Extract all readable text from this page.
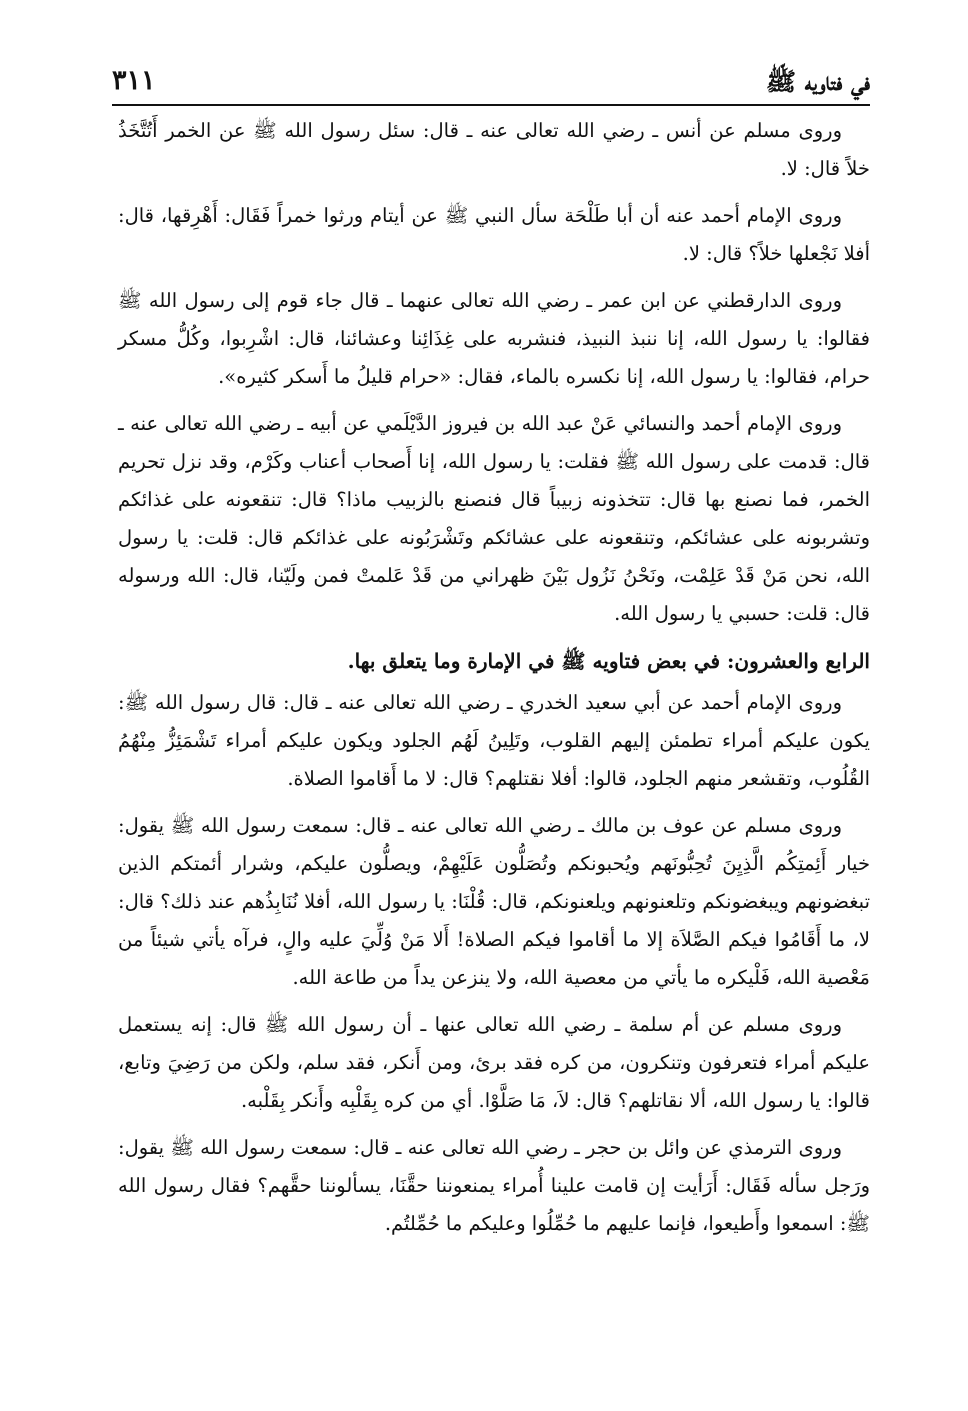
٣١١	في فتاويه ﷺ

وروى مسلم عن أنس ـ رضي الله تعالى عنه ـ قال: سئل رسول الله ﷺ عن الخمر أَتُتَّخَذُ خلاً قال: لا.

وروى الإمام أحمد عنه أن أبا طَلْحَة سأل النبي ﷺ عن أيتام ورثوا خمراً فَقَال: أَهْرِقها، قال: أفلا نَجْعلها خلاً؟ قال: لا.

وروى الدارقطني عن ابن عمر ـ رضي الله تعالى عنهما ـ قال جاء قوم إلى رسول الله ﷺ فقالوا: يا رسول الله، إنا ننبذ النبيذ، فنشربه على غِذَائِنا وعشائنا، قال: اشْرِبوا، وكُلُّ مسكر حرام، فقالوا: يا رسول الله، إنا نكسره بالماء، فقال: «حرام قليلُ ما أَسكر كثيره».

وروى الإمام أحمد والنسائي عَنْ عبد الله بن فيروز الدَّيْلَمي عن أبيه ـ رضي الله تعالى عنه ـ قال: قدمت على رسول الله ﷺ فقلت: يا رسول الله، إنا أَصحاب أعناب وكَرْم، وقد نزل تحريم الخمر، فما نصنع بها قال: تتخذونه زبيباً قال فنصنع بالزبيب ماذا؟ قال: تنقعونه على غذائكم وتشربونه على عشائكم، وتنقعونه على عشائكم وتَشْرَبُونه على غذائكم قال: قلت: يا رسول الله، نحن مَنْ قَدْ عَلِمْت، ونَحْنُ نَزُول بَيْنَ ظهراني من قَدْ عَلمتْ فمن ولَيّنا، قال: الله ورسوله قال: قلت: حسبي يا رسول الله.

الرابع والعشرون: في بعض فتاويه ﷺ في الإمارة وما يتعلق بها.

وروى الإمام أحمد عن أبي سعيد الخدري ـ رضي الله تعالى عنه ـ قال: قال رسول الله ﷺ: يكون عليكم أمراء تطمئن إليهم القلوب، وتَلِينُ لَهُم الجلود ويكون عليكم أمراء تَشْمَئِزُّ مِنْهُمُ القُلُوب، وتقشعر منهم الجلود، قالوا: أفلا نقتلهم؟ قال: لا ما أَقاموا الصلاة.

وروى مسلم عن عوف بن مالك ـ رضي الله تعالى عنه ـ قال: سمعت رسول الله ﷺ يقول: خيار أَئِمتِكُم الَّذِيِنَ تُحِبُّونَهم ويُحبونكم وتُصَلُّون عَلَيْهِمْ، ويصلُّون عليكم، وشرار أئمتكم الذين تبغضونهم ويبغضونكم وتلعنونهم ويلعنونكم، قال: قُلْنَا: يا رسول الله، أفلا نُنَابِذُهم عند ذلك؟ قال: لا، ما أَقَامُوا فيكم الصَّلاَة إلا ما أقاموا فيكم الصلاة! أَلا مَنْ وُلِّيَ عليه والٍ، فرآه يأتي شيئاً من مَعْصية الله، فَلْيكره ما يأتي من معصية الله، ولا ينزعن يداً من طاعة الله.

وروى مسلم عن أم سلمة ـ رضي الله تعالى عنها ـ أن رسول الله ﷺ قال: إنه يستعمل عليكم أمراء فتعرفون وتنكرون، من كره فقد برئ، ومن أَنكر، فقد سلم، ولكن من رَضِيَ وتابع، قالوا: يا رسول الله، ألا نقاتلهم؟ قال: لاَ، مَا صَلَّوْا. أي من كره بِقَلْبِه وأَنكر بِقَلْبه.

وروى الترمذي عن وائل بن حجر ـ رضي الله تعالى عنه ـ قال: سمعت رسول الله ﷺ يقول: ورَجل سأله فَقَال: أَرَأيت إن قامت علينا أُمراء يمنعوننا حقَّنَا، يسألوننا حقَّهم؟ فقال رسول الله ﷺ: اسمعوا وأَطيعوا، فإنما عليهم ما حُمِّلُوا وعليكم ما حُمِّلتُم.
